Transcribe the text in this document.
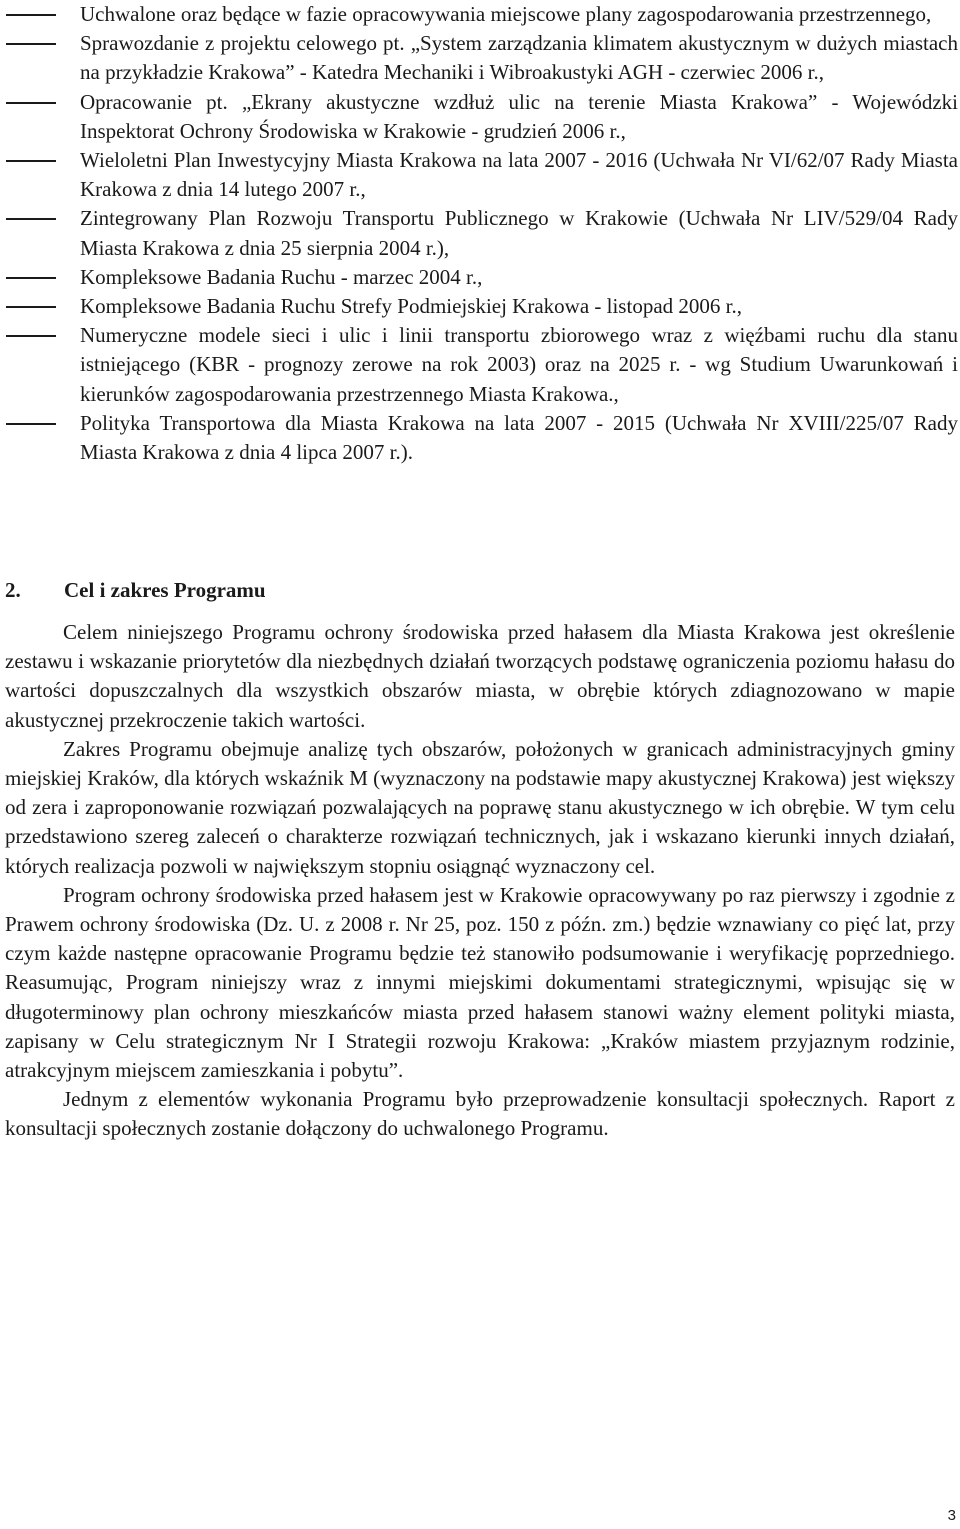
Uchwalone oraz będące w fazie opracowywania miejscowe plany zagospodarowania przestrzennego,
Sprawozdanie z projektu celowego pt. „System zarządzania klimatem akustycznym w dużych miastach na przykładzie Krakowa” - Katedra Mechaniki i Wibroakustyki AGH - czerwiec 2006 r.,
Opracowanie pt. „Ekrany akustyczne wzdłuż ulic na terenie Miasta Krakowa” - Wojewódzki Inspektorat Ochrony Środowiska w Krakowie - grudzień 2006 r.,
Wieloletni Plan Inwestycyjny Miasta Krakowa na lata 2007 - 2016 (Uchwała Nr VI/62/07 Rady Miasta Krakowa z dnia 14 lutego 2007 r.,
Zintegrowany Plan Rozwoju Transportu Publicznego w Krakowie (Uchwała Nr LIV/529/04 Rady Miasta Krakowa z dnia 25 sierpnia 2004 r.),
Kompleksowe Badania Ruchu - marzec 2004 r.,
Kompleksowe Badania Ruchu Strefy Podmiejskiej Krakowa - listopad 2006 r.,
Numeryczne modele sieci i ulic i linii transportu zbiorowego wraz z więźbami ruchu dla stanu istniejącego (KBR - prognozy zerowe na rok 2003) oraz na 2025 r. - wg Studium Uwarunkowań i kierunków zagospodarowania przestrzennego Miasta Krakowa.,
Polityka Transportowa dla Miasta Krakowa na lata 2007 - 2015 (Uchwała Nr XVIII/225/07 Rady Miasta Krakowa z dnia 4 lipca 2007 r.).
2. Cel i zakres Programu

Celem niniejszego Programu ochrony środowiska przed hałasem dla Miasta Krakowa jest określenie zestawu i wskazanie priorytetów dla niezbędnych działań tworzących podstawę ograniczenia poziomu hałasu do wartości dopuszczalnych dla wszystkich obszarów miasta, w obrębie których zdiagnozowano w mapie akustycznej przekroczenie takich wartości.

Zakres Programu obejmuje analizę tych obszarów, położonych w granicach administracyjnych gminy miejskiej Kraków, dla których wskaźnik M (wyznaczony na podstawie mapy akustycznej Krakowa) jest większy od zera i zaproponowanie rozwiązań pozwalających na poprawę stanu akustycznego w ich obrębie. W tym celu przedstawiono szereg zaleceń o charakterze rozwiązań technicznych, jak i wskazano kierunki innych działań, których realizacja pozwoli w największym stopniu osiągnąć wyznaczony cel.

Program ochrony środowiska przed hałasem jest w Krakowie opracowywany po raz pierwszy i zgodnie z Prawem ochrony środowiska (Dz. U. z 2008 r. Nr 25, poz. 150 z późn. zm.) będzie wznawiany co pięć lat, przy czym każde następne opracowanie Programu będzie też stanowiło podsumowanie i weryfikację poprzedniego. Reasumując, Program niniejszy wraz z innymi miejskimi dokumentami strategicznymi, wpisując się w długoterminowy plan ochrony mieszkańców miasta przed hałasem stanowi ważny element polityki miasta, zapisany w Celu strategicznym Nr I Strategii rozwoju Krakowa: „Kraków miastem przyjaznym rodzinie, atrakcyjnym miejscem zamieszkania i pobytu”.

Jednym z elementów wykonania Programu było przeprowadzenie konsultacji społecznych. Raport z konsultacji społecznych zostanie dołączony do uchwalonego Programu.

3
